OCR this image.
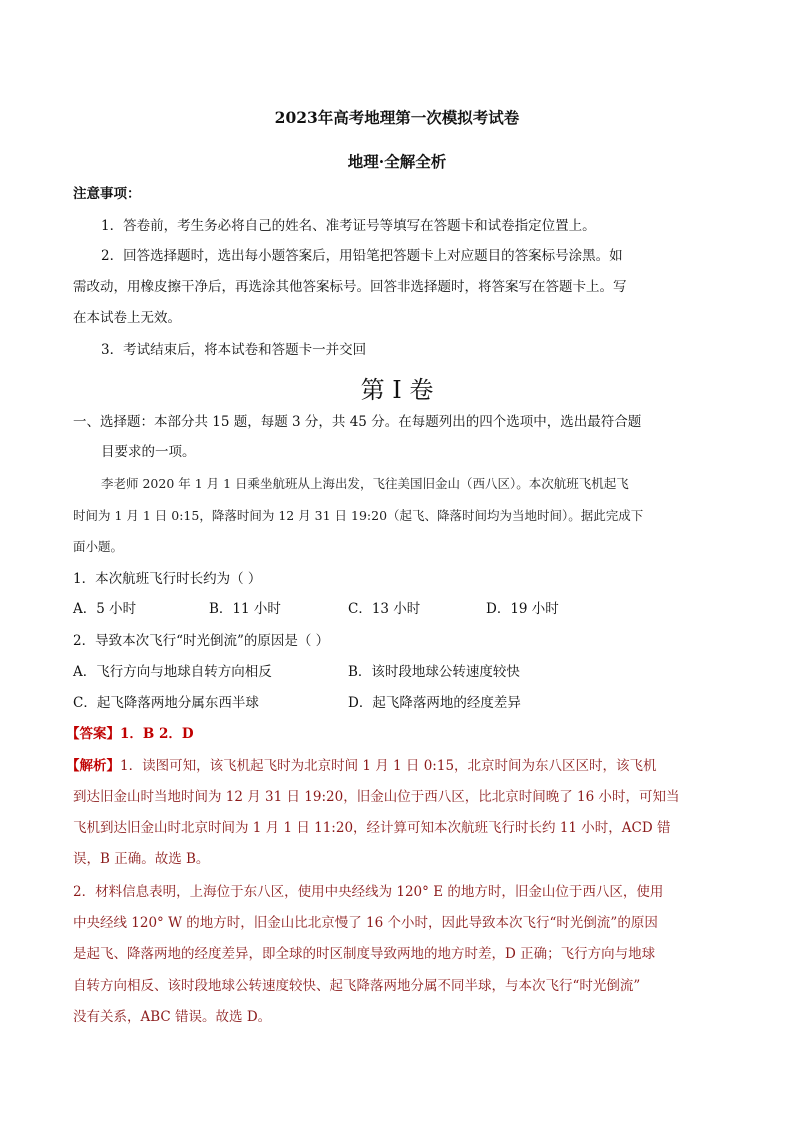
2023年高考地理第一次模拟考试卷
地理·全解全析
注意事项：
1．答卷前，考生务必将自己的姓名、准考证号等填写在答题卡和试卷指定位置上。
2．回答选择题时，选出每小题答案后，用铅笔把答题卡上对应题目的答案标号涂黑。如
需改动，用橡皮擦干净后，再选涂其他答案标号。回答非选择题时，将答案写在答题卡上。写
在本试卷上无效。
3．考试结束后，将本试卷和答题卡一并交回
第 I 卷
一、选择题：本部分共 15 题，每题 3 分，共 45 分。在每题列出的四个选项中，选出最符合题
目要求的一项。
李老师 2020 年 1 月 1 日乘坐航班从上海出发，飞往美国旧金山（西八区）。本次航班飞机起飞
时间为 1 月 1 日 0:15，降落时间为 12 月 31 日 19:20（起飞、降落时间均为当地时间）。据此完成下
面小题。
1．本次航班飞行时长约为（ ）
A．5 小时	B．11 小时	C．13 小时	D．19 小时
2．导致本次飞行“时光倒流”的原因是（ ）
A．飞行方向与地球自转方向相反	B．该时段地球公转速度较快
C．起飞降落两地分属东西半球	D．起飞降落两地的经度差异
【答案】1．B 2．D
【解析】1．读图可知，该飞机起飞时为北京时间 1 月 1 日 0:15，北京时间为东八区区时，该飞机
到达旧金山时当地时间为 12 月 31 日 19:20，旧金山位于西八区，比北京时间晚了 16 小时，可知当
飞机到达旧金山时北京时间为 1 月 1 日 11:20，经计算可知本次航班飞行时长约 11 小时，ACD 错
误，B 正确。故选 B。
2．材料信息表明，上海位于东八区，使用中央经线为 120° E 的地方时，旧金山位于西八区，使用
中央经线 120° W 的地方时，旧金山比北京慢了 16 个小时，因此导致本次飞行“时光倒流”的原因
是起飞、降落两地的经度差异，即全球的时区制度导致两地的地方时差，D 正确；飞行方向与地球
自转方向相反、该时段地球公转速度较快、起飞降落两地分属不同半球，与本次飞行“时光倒流”
没有关系，ABC 错误。故选 D。
